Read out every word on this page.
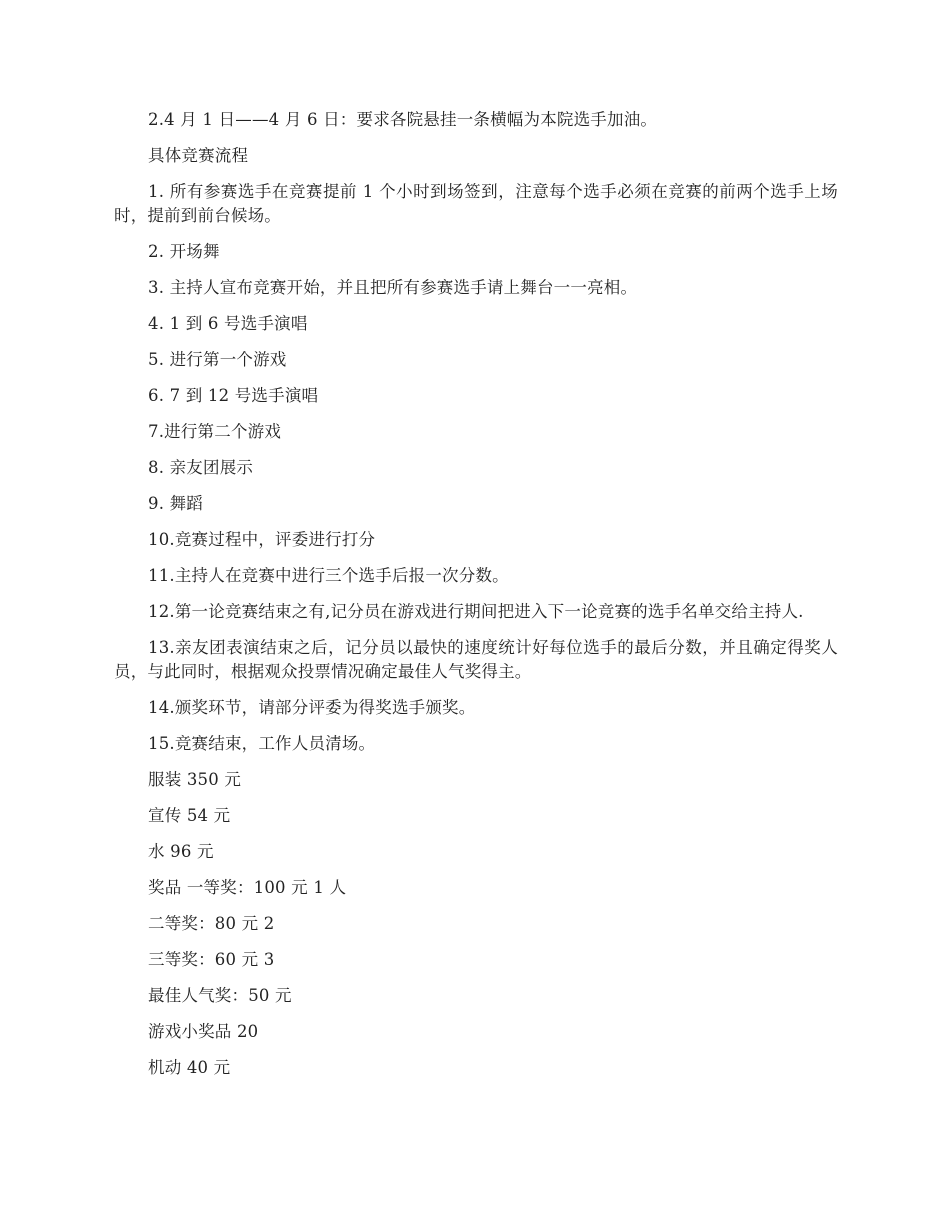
2.4 月 1 日——4 月 6 日：要求各院悬挂一条横幅为本院选手加油。

具体竞赛流程

1. 所有参赛选手在竞赛提前 1 个小时到场签到，注意每个选手必须在竞赛的前两个选手上场时，提前到前台候场。

2. 开场舞

3. 主持人宣布竞赛开始，并且把所有参赛选手请上舞台一一亮相。

4. 1 到 6 号选手演唱

5. 进行第一个游戏

6. 7 到 12 号选手演唱

7.进行第二个游戏

8. 亲友团展示

9. 舞蹈

10.竞赛过程中，评委进行打分

11.主持人在竞赛中进行三个选手后报一次分数。

12.第一论竞赛结束之有,记分员在游戏进行期间把进入下一论竞赛的选手名单交给主持人.

13.亲友团表演结束之后，记分员以最快的速度统计好每位选手的最后分数，并且确定得奖人员，与此同时，根据观众投票情况确定最佳人气奖得主。

14.颁奖环节，请部分评委为得奖选手颁奖。

15.竞赛结束，工作人员清场。

服装 350 元

宣传 54 元

水 96 元

奖品 一等奖：100 元 1 人

二等奖：80 元 2

三等奖：60 元 3

最佳人气奖：50 元

游戏小奖品 20

机动 40 元
